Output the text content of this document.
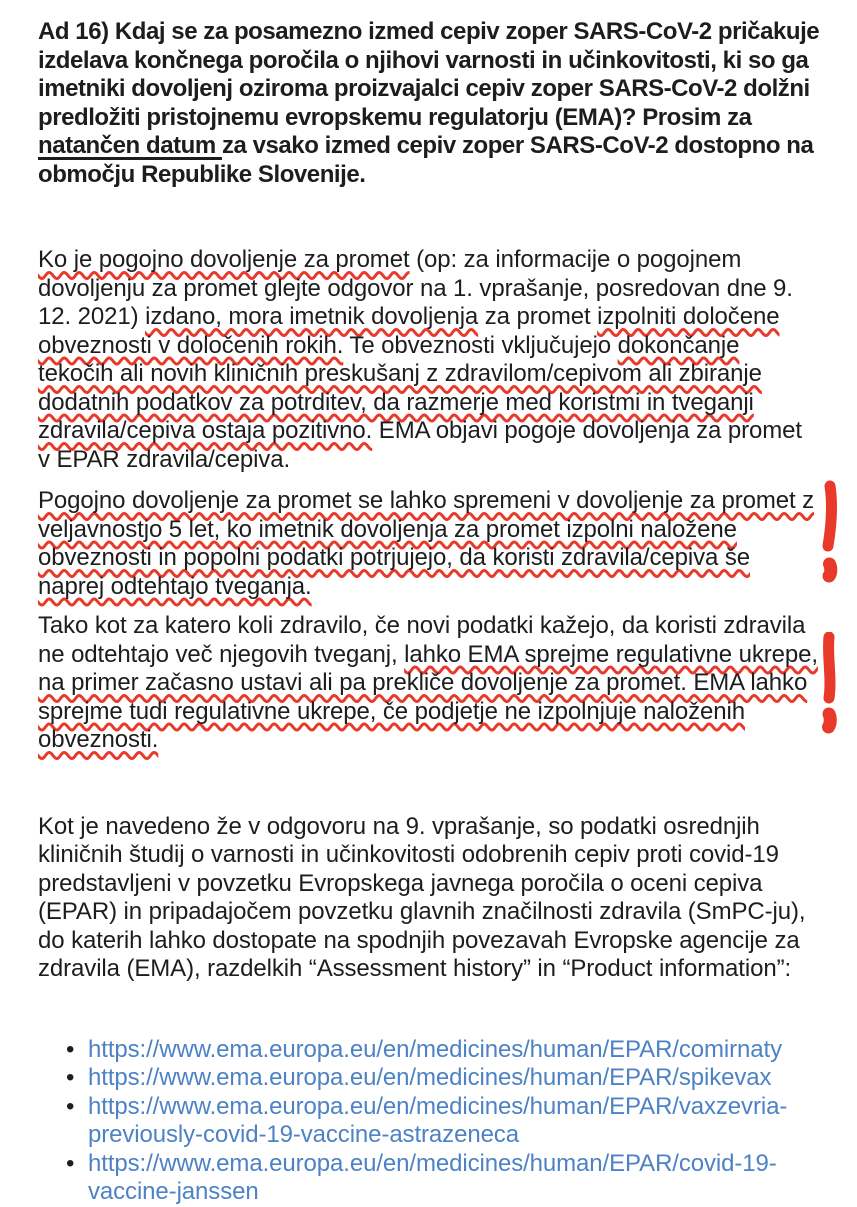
Ad 16) Kdaj se za posamezno izmed cepiv zoper SARS-CoV-2 pričakuje
izdelava končnega poročila o njihovi varnosti in učinkovitosti, ki so ga
imetniki dovoljenj oziroma proizvajalci cepiv zoper SARS-CoV-2 dolžni
predložiti pristojnemu evropskemu regulatorju (EMA)? Prosim za
natančen datum za vsako izmed cepiv zoper SARS-CoV-2 dostopno na
območju Republike Slovenije.
Ko je pogojno dovoljenje za promet (op: za informacije o pogojnem
dovoljenju za promet glejte odgovor na 1. vprašanje, posredovan dne 9.
12. 2021) izdano, mora imetnik dovoljenja za promet izpolniti določene
obveznosti v določenih rokih. Te obveznosti vključujejo dokončanje
tekočih ali novih kliničnih preskušanj z zdravilom/cepivom ali zbiranje
dodatnih podatkov za potrditev, da razmerje med koristmi in tveganji
zdravila/cepiva ostaja pozitivno. EMA objavi pogoje dovoljenja za promet
v EPAR zdravila/cepiva.
Pogojno dovoljenje za promet se lahko spremeni v dovoljenje za promet z
veljavnostjo 5 let, ko imetnik dovoljenja za promet izpolni naložene
obveznosti in popolni podatki potrjujejo, da koristi zdravila/cepiva še
naprej odtehtajo tveganja.
Tako kot za katero koli zdravilo, če novi podatki kažejo, da koristi zdravila
ne odtehtajo več njegovih tveganj, lahko EMA sprejme regulativne ukrepe,
na primer začasno ustavi ali pa prekliče dovoljenje za promet. EMA lahko
sprejme tudi regulativne ukrepe, če podjetje ne izpolnjuje naloženih
obveznosti.
Kot je navedeno že v odgovoru na 9. vprašanje, so podatki osrednjih
kliničnih študij o varnosti in učinkovitosti odobrenih cepiv proti covid-19
predstavljeni v povzetku Evropskega javnega poročila o oceni cepiva
(EPAR) in pripadajočem povzetku glavnih značilnosti zdravila (SmPC-ju),
do katerih lahko dostopate na spodnjih povezavah Evropske agencije za
zdravila (EMA), razdelkih “Assessment history” in “Product information”:
• https://www.ema.europa.eu/en/medicines/human/EPAR/comirnaty
• https://www.ema.europa.eu/en/medicines/human/EPAR/spikevax
• https://www.ema.europa.eu/en/medicines/human/EPAR/vaxzevria-
previously-covid-19-vaccine-astrazeneca
• https://www.ema.europa.eu/en/medicines/human/EPAR/covid-19-
vaccine-janssen
